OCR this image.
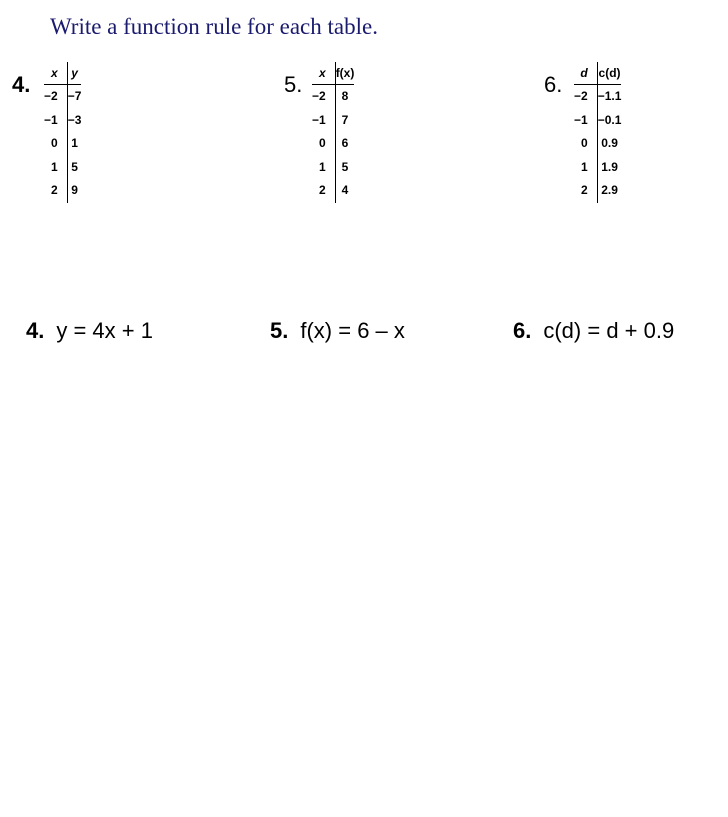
Write a function rule for each table.
4. x	y
−2	−7
−1	−3
0	1
1	5
2	9
5. x	f(x)
−2	8
−1	7
0	6
1	5
2	4
6. d	c(d)
−2	−1.1
−1	−0.1
0	0.9
1	1.9
2	2.9
4. y = 4x + 1	5. f(x) = 6 – x	6. c(d) = d + 0.9
